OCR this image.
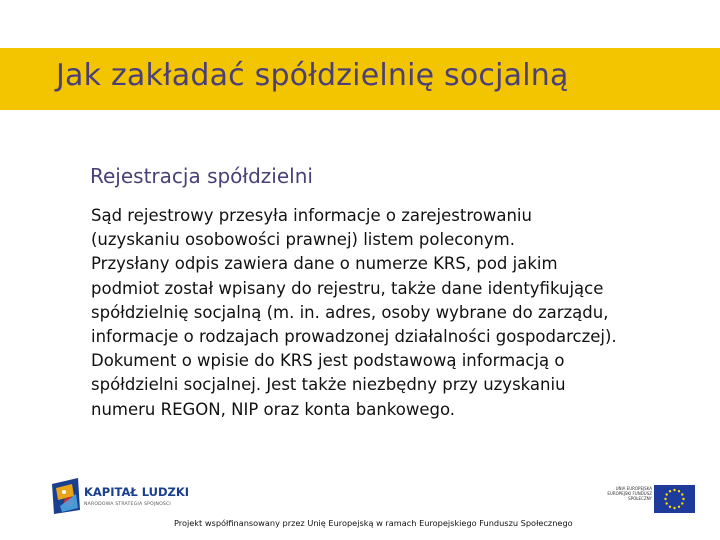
Jak zakładać spółdzielnię socjalną
Rejestracja spółdzielni
Sąd rejestrowy przesyła informacje o zarejestrowaniu
(uzyskaniu osobowości prawnej) listem poleconym.
Przysłany odpis zawiera dane o numerze KRS, pod jakim
podmiot został wpisany do rejestru, także dane identyfikujące
spółdzielnię socjalną (m. in. adres, osoby wybrane do zarządu,
informacje o rodzajach prowadzonej działalności gospodarczej).
Dokument o wpisie do KRS jest podstawową informacją o
spółdzielni socjalnej. Jest także niezbędny przy uzyskaniu
numeru REGON, NIP oraz konta bankowego.
KAPITAŁ LUDZKI
NARODOWA STRATEGIA SPÓJNOŚCI
UNIA EUROPEJSKA EUROPEJSKI FUNDUSZ SPOŁECZNY
Projekt współfinansowany przez Unię Europejską w ramach Europejskiego Funduszu Społecznego
